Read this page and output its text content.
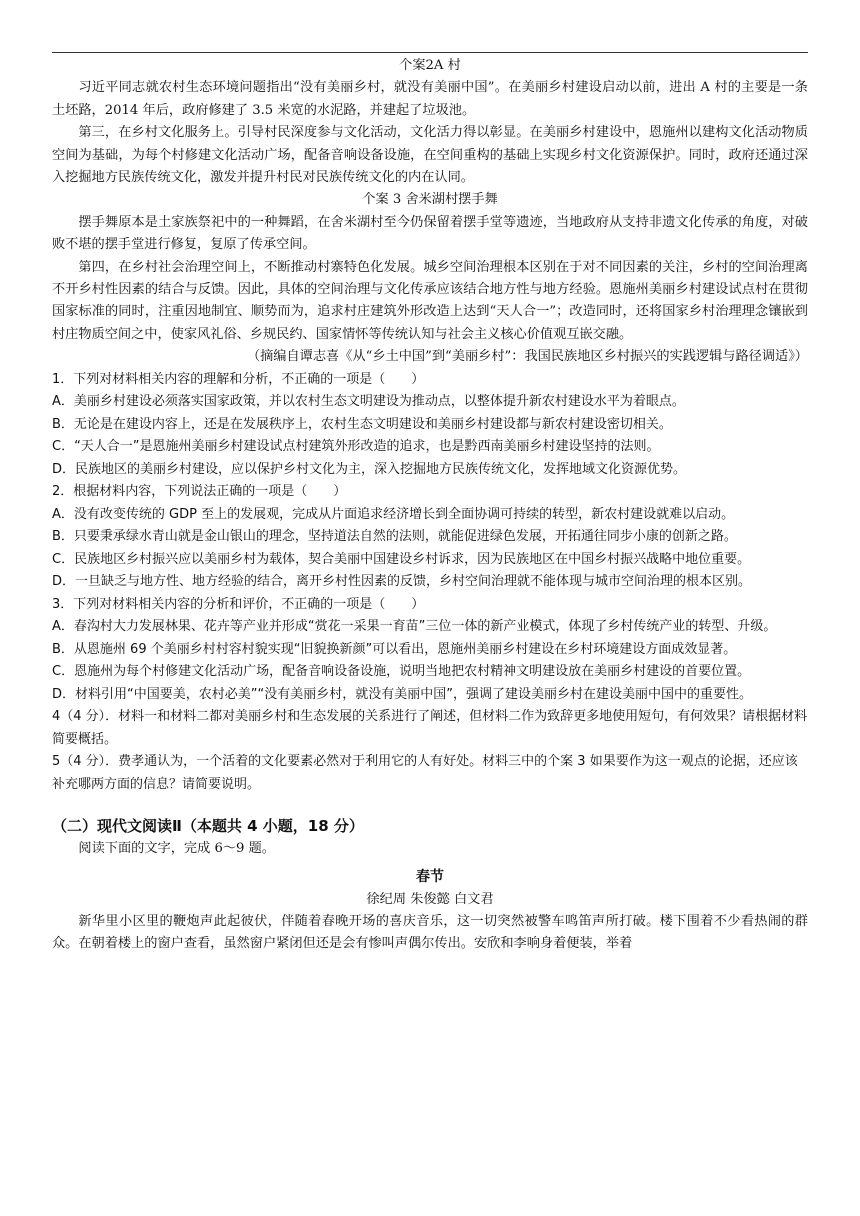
个案2A 村

习近平同志就农村生态环境问题指出“没有美丽乡村，就没有美丽中国”。在美丽乡村建设启动以前，进出 A 村的主要是一条土坯路，2014 年后，政府修建了 3.5 米宽的水泥路，并建起了垃圾池。

第三，在乡村文化服务上。引导村民深度参与文化活动，文化活力得以彰显。在美丽乡村建设中，恩施州以建构文化活动物质空间为基础，为每个村修建文化活动广场，配备音响设备设施，在空间重构的基础上实现乡村文化资源保护。同时，政府还通过深入挖掘地方民族传统文化，激发并提升村民对民族传统文化的内在认同。

个案 3 舍米湖村摆手舞

摆手舞原本是土家族祭祀中的一种舞蹈，在舍米湖村至今仍保留着摆手堂等遗迹，当地政府从支持非遗文化传承的角度，对破败不堪的摆手堂进行修复，复原了传承空间。

第四，在乡村社会治理空间上，不断推动村寨特色化发展。城乡空间治理根本区别在于对不同因素的关注，乡村的空间治理离不开乡村性因素的结合与反馈。因此，具体的空间治理与文化传承应该结合地方性与地方经验。恩施州美丽乡村建设试点村在贯彻国家标准的同时，注重因地制宜、顺势而为，追求村庄建筑外形改造上达到“天人合一”；改造同时，还将国家乡村治理理念镶嵌到村庄物质空间之中，使家风礼俗、乡规民约、国家情怀等传统认知与社会主义核心价值观互嵌交融。

（摘编自谭志喜《从“乡土中国”到“美丽乡村”：我国民族地区乡村振兴的实践逻辑与路径调适》）

1．下列对材料相关内容的理解和分析，不正确的一项是（　　）

A．美丽乡村建设必须落实国家政策，并以农村生态文明建设为推动点，以整体提升新农村建设水平为着眼点。

B．无论是在建设内容上，还是在发展秩序上，农村生态文明建设和美丽乡村建设都与新农村建设密切相关。

C．“天人合一”是恩施州美丽乡村建设试点村建筑外形改造的追求，也是黔西南美丽乡村建设坚持的法则。

D．民族地区的美丽乡村建设，应以保护乡村文化为主，深入挖掘地方民族传统文化，发挥地域文化资源优势。

2．根据材料内容，下列说法正确的一项是（　　）

A．没有改变传统的 GDP 至上的发展观，完成从片面追求经济增长到全面协调可持续的转型，新农村建设就难以启动。

B．只要秉承绿水青山就是金山银山的理念，坚持道法自然的法则，就能促进绿色发展，开拓通往同步小康的创新之路。

C．民族地区乡村振兴应以美丽乡村为载体，契合美丽中国建设乡村诉求，因为民族地区在中国乡村振兴战略中地位重要。

D．一旦缺乏与地方性、地方经验的结合，离开乡村性因素的反馈，乡村空间治理就不能体现与城市空间治理的根本区别。

3．下列对材料相关内容的分析和评价，不正确的一项是（　　）

A．春沟村大力发展林果、花卉等产业并形成“赏花一采果一育苗”三位一体的新产业模式，体现了乡村传统产业的转型、升级。

B．从恩施州 69 个美丽乡村村容村貌实现“旧貌换新颜”可以看出，恩施州美丽乡村建设在乡村环境建设方面成效显著。

C．恩施州为每个村修建文化活动广场，配备音响设备设施，说明当地把农村精神文明建设放在美丽乡村建设的首要位置。

D．材料引用“中国要美，农村必美”“没有美丽乡村，就没有美丽中国”，强调了建设美丽乡村在建设美丽中国中的重要性。

4（4 分）．材料一和材料二都对美丽乡村和生态发展的关系进行了阐述，但材料二作为致辞更多地使用短句，有何效果？请根据材料简要概括。

5（4 分）．费孝通认为，一个活着的文化要素必然对于利用它的人有好处。材料三中的个案 3 如果要作为这一观点的论据，还应该补充哪两方面的信息？请简要说明。

（二）现代文阅读Ⅱ（本题共 4 小题，18 分）

阅读下面的文字，完成 6～9 题。

春节

徐纪周 朱俊懿 白文君

新华里小区里的鞭炮声此起彼伏，伴随着春晚开场的喜庆音乐，这一切突然被警车鸣笛声所打破。楼下围着不少看热闹的群众。在朝着楼上的窗户查看，虽然窗户紧闭但还是会有惨叫声偶尔传出。安欣和李响身着便装，举着
